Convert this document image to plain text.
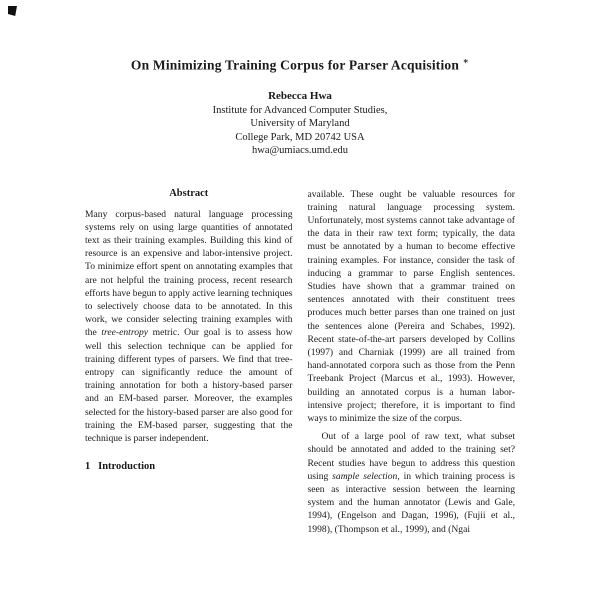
On Minimizing Training Corpus for Parser Acquisition ∗
Rebecca Hwa
Institute for Advanced Computer Studies,
University of Maryland
College Park, MD 20742 USA
hwa@umiacs.umd.edu
Abstract

Many corpus-based natural language processing systems rely on using large quantities of annotated text as their training examples. Building this kind of resource is an expensive and labor-intensive project. To minimize effort spent on annotating examples that are not helpful the training process, recent research efforts have begun to apply active learning techniques to selectively choose data to be annotated. In this work, we consider selecting training examples with the tree-entropy metric. Our goal is to assess how well this selection technique can be applied for training different types of parsers. We find that tree-entropy can significantly reduce the amount of training annotation for both a history-based parser and an EM-based parser. Moreover, the examples selected for the history-based parser are also good for training the EM-based parser, suggesting that the technique is parser independent.

1   Introduction

available. These ought be valuable resources for training natural language processing system. Unfortunately, most systems cannot take advantage of the data in their raw text form; typically, the data must be annotated by a human to become effective training examples. For instance, consider the task of inducing a grammar to parse English sentences. Studies have shown that a grammar trained on sentences annotated with their constituent trees produces much better parses than one trained on just the sentences alone (Pereira and Schabes, 1992). Recent state-of-the-art parsers developed by Collins (1997) and Charniak (1999) are all trained from hand-annotated corpora such as those from the Penn Treebank Project (Marcus et al., 1993). However, building an annotated corpus is a human labor-intensive project; therefore, it is important to find ways to minimize the size of the corpus.

Out of a large pool of raw text, what subset should be annotated and added to the training set? Recent studies have begun to address this question using sample selection, in which training process is seen as interactive session between the learning system and the human annotator (Lewis and Gale, 1994), (Engelson and Dagan, 1996), (Fujii et al., 1998), (Thompson et al., 1999), and (Ngai
